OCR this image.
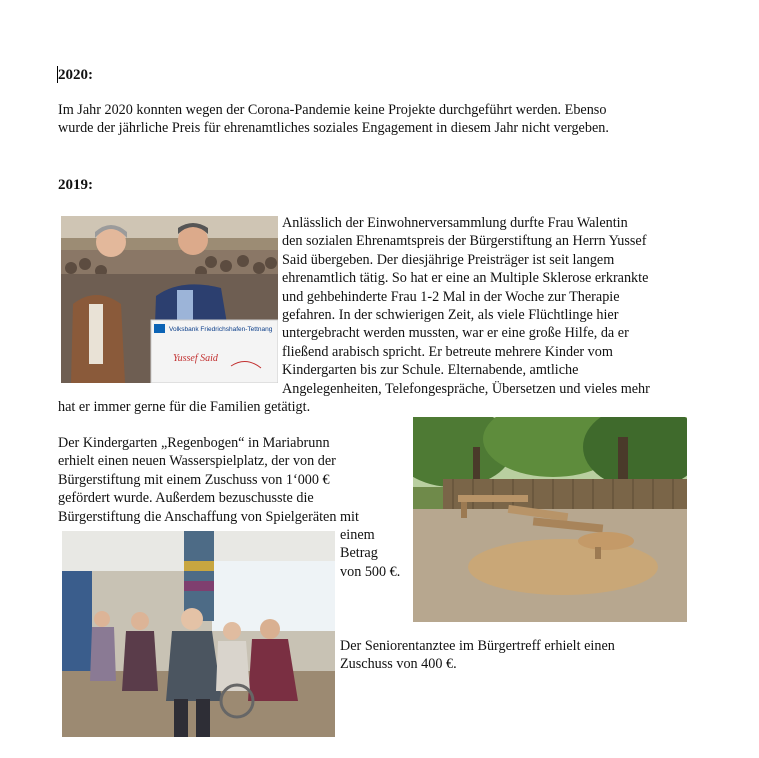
2020:
Im Jahr 2020 konnten wegen der Corona-Pandemie keine Projekte durchgeführt werden. Ebenso
wurde der jährliche Preis für ehrenamtliches soziales Engagement in diesem Jahr nicht vergeben.
2019:
Volksbank Friedrichshafen-Tettnang
Yussef Said
Anlässlich der Einwohnerversammlung durfte Frau Walentin
den sozialen Ehrenamtspreis der Bürgerstiftung an Herrn Yussef
Said übergeben. Der diesjährige Preisträger ist seit langem
ehrenamtlich tätig. So hat er eine an Multiple Sklerose erkrankte
und gehbehinderte Frau 1-2 Mal in der Woche zur Therapie
gefahren. In der schwierigen Zeit, als viele Flüchtlinge hier
untergebracht werden mussten, war er eine große Hilfe, da er
fließend arabisch spricht. Er betreute mehrere Kinder vom
Kindergarten bis zur Schule. Elternabende, amtliche
Angelegenheiten, Telefongespräche, Übersetzen und vieles mehr
hat er immer gerne für die Familien getätigt.
Der Kindergarten „Regenbogen“ in Mariabrunn
erhielt einen neuen Wasserspielplatz, der von der
Bürgerstiftung mit einem Zuschuss von 1‘000 €
gefördert wurde. Außerdem bezuschusste die
Bürgerstiftung die Anschaffung von Spielgeräten mit
einem
Betrag
von 500 €.
Der Seniorentanztee im Bürgertreff erhielt einen
Zuschuss von 400 €.
